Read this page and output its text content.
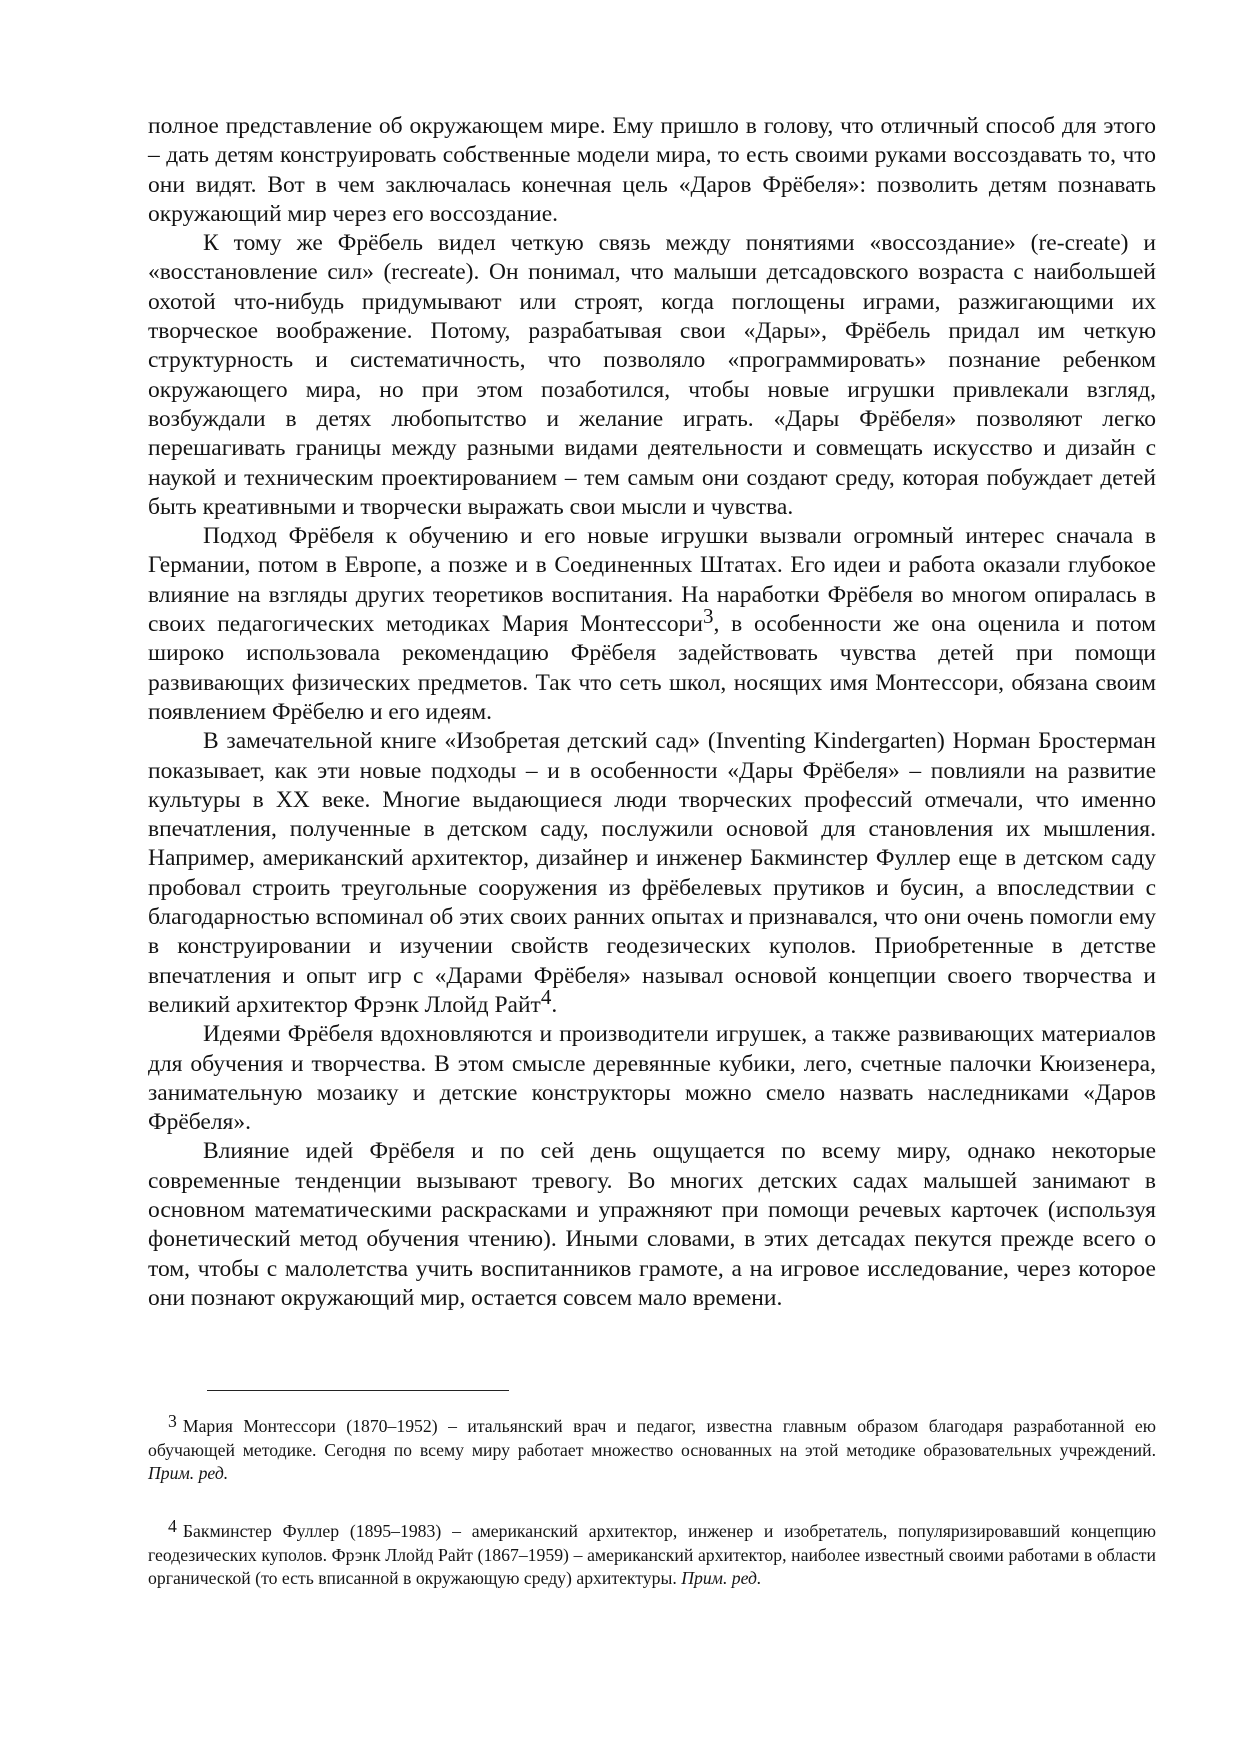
полное представление об окружающем мире. Ему пришло в голову, что отличный способ для этого – дать детям конструировать собственные модели мира, то есть своими руками воссоздавать то, что они видят. Вот в чем заключалась конечная цель «Даров Фрёбеля»: позволить детям познавать окружающий мир через его воссоздание.

К тому же Фрёбель видел четкую связь между понятиями «воссоздание» (re-create) и «восстановление сил» (recreate). Он понимал, что малыши детсадовского возраста с наибольшей охотой что-нибудь придумывают или строят, когда поглощены играми, разжигающими их творческое воображение. Потому, разрабатывая свои «Дары», Фрёбель придал им четкую структурность и систематичность, что позволяло «программировать» познание ребенком окружающего мира, но при этом позаботился, чтобы новые игрушки привлекали взгляд, возбуждали в детях любопытство и желание играть. «Дары Фрёбеля» позволяют легко перешагивать границы между разными видами деятельности и совмещать искусство и дизайн с наукой и техническим проектированием – тем самым они создают среду, которая побуждает детей быть креативными и творчески выражать свои мысли и чувства.

Подход Фрёбеля к обучению и его новые игрушки вызвали огромный интерес сначала в Германии, потом в Европе, а позже и в Соединенных Штатах. Его идеи и работа оказали глубокое влияние на взгляды других теоретиков воспитания. На наработки Фрёбеля во многом опиралась в своих педагогических методиках Мария Монтессори$^3$, в особенности же она оценила и потом широко использовала рекомендацию Фрёбеля задействовать чувства детей при помощи развивающих физических предметов. Так что сеть школ, носящих имя Монтессори, обязана своим появлением Фрёбелю и его идеям.

В замечательной книге «Изобретая детский сад» (Inventing Kindergarten) Норман Бростерман показывает, как эти новые подходы – и в особенности «Дары Фрёбеля» – повлияли на развитие культуры в XX веке. Многие выдающиеся люди творческих профессий отмечали, что именно впечатления, полученные в детском саду, послужили основой для становления их мышления. Например, американский архитектор, дизайнер и инженер Бакминстер Фуллер еще в детском саду пробовал строить треугольные сооружения из фрёбелевых прутиков и бусин, а впоследствии с благодарностью вспоминал об этих своих ранних опытах и признавался, что они очень помогли ему в конструировании и изучении свойств геодезических куполов. Приобретенные в детстве впечатления и опыт игр с «Дарами Фрёбеля» называл основой концепции своего творчества и великий архитектор Фрэнк Ллойд Райт$^4$.

Идеями Фрёбеля вдохновляются и производители игрушек, а также развивающих материалов для обучения и творчества. В этом смысле деревянные кубики, лего, счетные палочки Кюизенера, занимательную мозаику и детские конструкторы можно смело назвать наследниками «Даров Фрёбеля».

Влияние идей Фрёбеля и по сей день ощущается по всему миру, однако некоторые современные тенденции вызывают тревогу. Во многих детских садах малышей занимают в основном математическими раскрасками и упражняют при помощи речевых карточек (используя фонетический метод обучения чтению). Иными словами, в этих детсадах пекутся прежде всего о том, чтобы с малолетства учить воспитанников грамоте, а на игровое исследование, через которое они познают окружающий мир, остается совсем мало времени.

3 Мария Монтессори (1870–1952) – итальянский врач и педагог, известна главным образом благодаря разработанной ею обучающей методике. Сегодня по всему миру работает множество основанных на этой методике образовательных учреждений. Прим. ред.

4 Бакминстер Фуллер (1895–1983) – американский архитектор, инженер и изобретатель, популяризировавший концепцию геодезических куполов. Фрэнк Ллойд Райт (1867–1959) – американский архитектор, наиболее известный своими работами в области органической (то есть вписанной в окружающую среду) архитектуры. Прим. ред.
